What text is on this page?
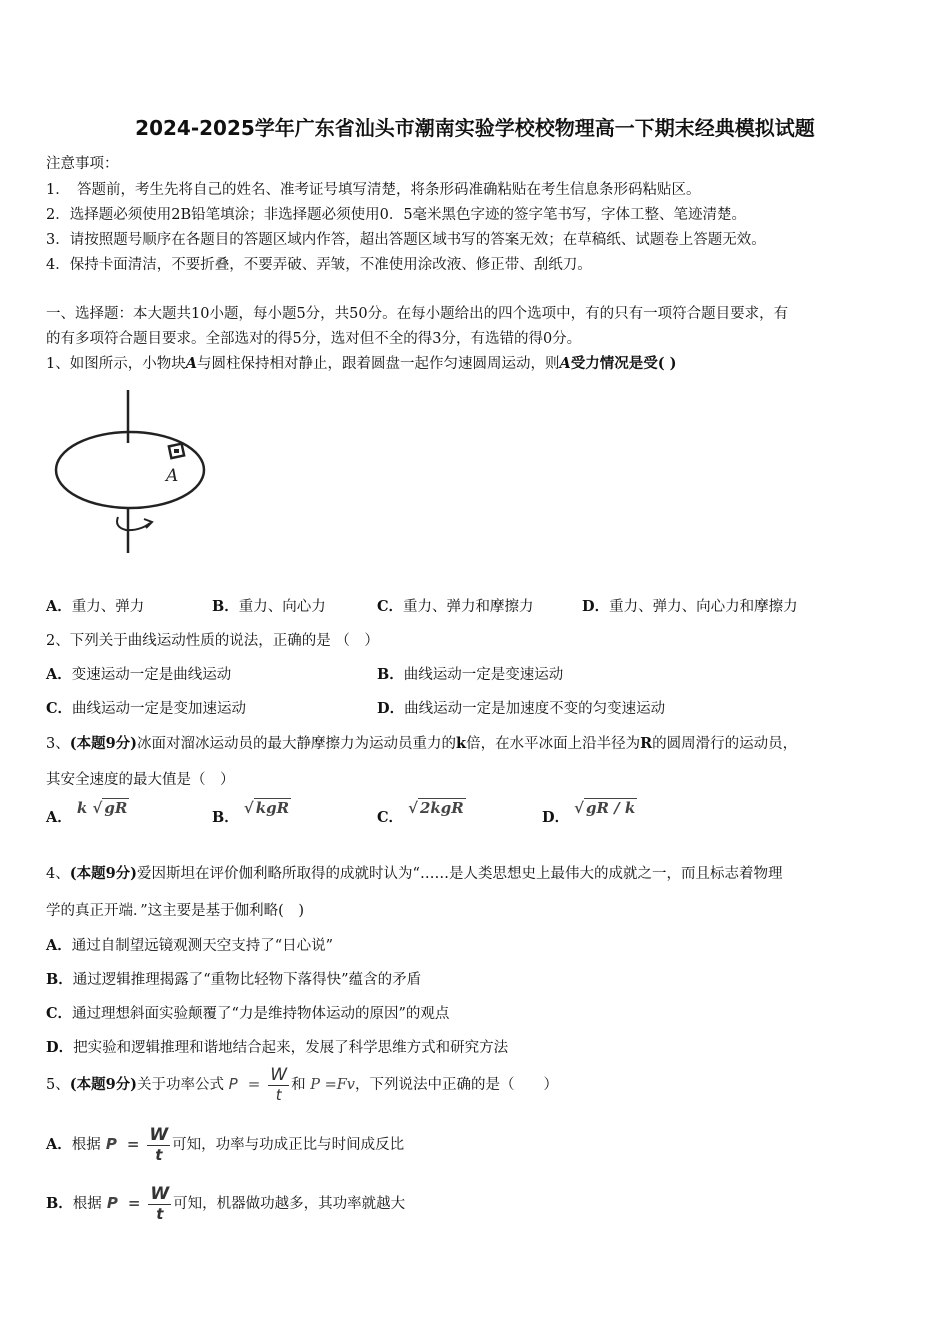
2024-2025学年广东省汕头市潮南实验学校校物理高一下期末经典模拟试题
注意事项：
1．　答题前，考生先将自己的姓名、准考证号填写清楚，将条形码准确粘贴在考生信息条形码粘贴区。
2．选择题必须使用2B铅笔填涂；非选择题必须使用0．5毫米黑色字迹的签字笔书写，字体工整、笔迹清楚。
3．请按照题号顺序在各题目的答题区域内作答，超出答题区域书写的答案无效；在草稿纸、试题卷上答题无效。
4．保持卡面清洁，不要折叠，不要弄破、弄皱，不准使用涂改液、修正带、刮纸刀。
一、选择题：本大题共10小题，每小题5分，共50分。在每小题给出的四个选项中，有的只有一项符合题目要求，有
的有多项符合题目要求。全部选对的得5分，选对但不全的得3分，有选错的得0分。
1、如图所示，小物块A与圆柱保持相对静止，跟着圆盘一起作匀速圆周运动，则A受力情况是受( )
A
A．重力、弹力	B．重力、向心力	C．重力、弹力和摩擦力	D．重力、弹力、向心力和摩擦力
2、下列关于曲线运动性质的说法，正确的是 （　）
A．变速运动一定是曲线运动	B．曲线运动一定是变速运动
C．曲线运动一定是变加速运动	D．曲线运动一定是加速度不变的匀变速运动
3、(本题9分)冰面对溜冰运动员的最大静摩擦力为运动员重力的k倍，在水平冰面上沿半径为R的圆周滑行的运动员，
其安全速度的最大值是（　）
A． k √ gR
B． √ kgR
C． √ 2kgR
D． √ gR / k
4、(本题9分)爱因斯坦在评价伽利略所取得的成就时认为“……是人类思想史上最伟大的成就之一，而且标志着物理
学的真正开端．”这主要是基于伽利略(　)
A．通过自制望远镜观测天空支持了“日心说”
B．通过逻辑推理揭露了“重物比轻物下落得快”蕴含的矛盾
C．通过理想斜面实验颠覆了“力是维持物体运动的原因”的观点
D．把实验和逻辑推理和谐地结合起来，发展了科学思维方式和研究方法
5、(本题9分)关于功率公式 $P = \frac{W}{t}$ 和 P =Fv，下列说法中正确的是（　　）
A．根据 $P = \frac{W}{t}$ 可知，功率与功成正比与时间成反比
B．根据 $P = \frac{W}{t}$ 可知，机器做功越多，其功率就越大
